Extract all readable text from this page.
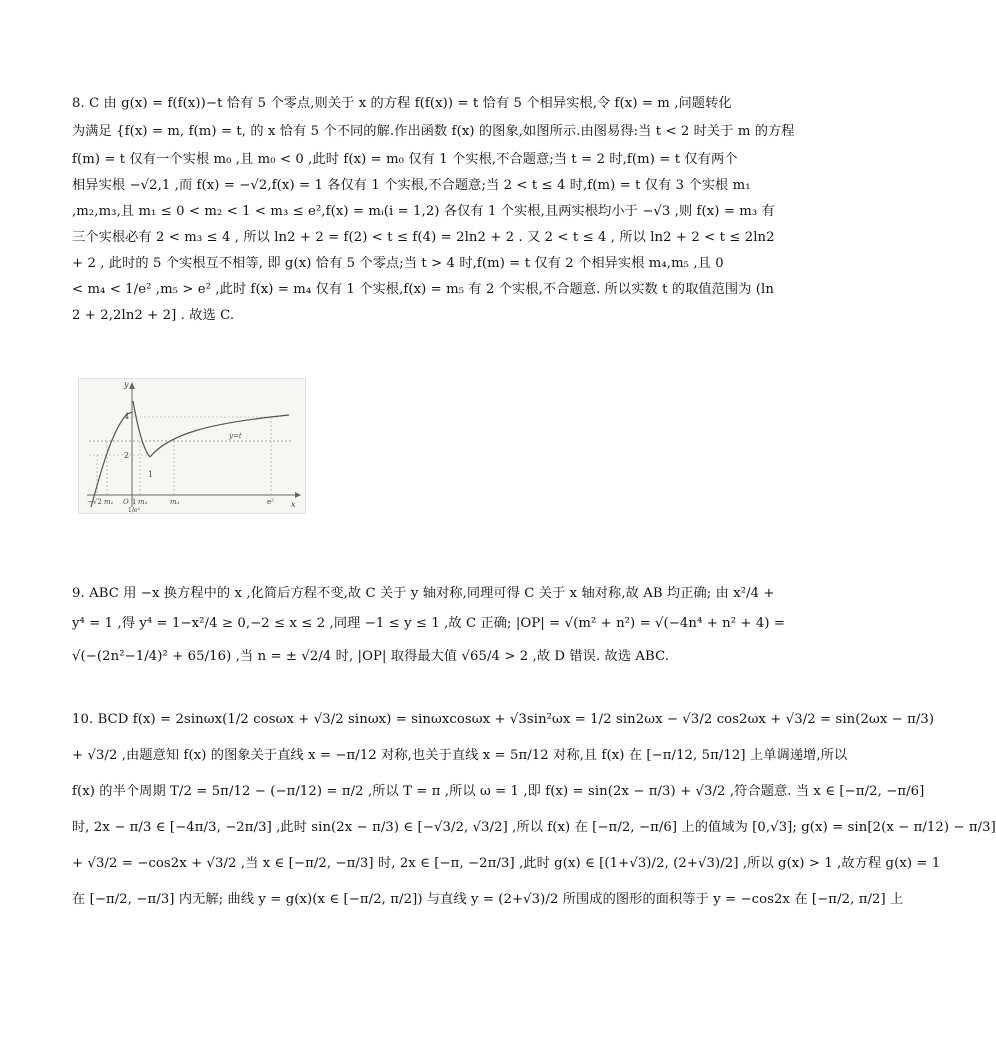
8. C 由 g(x) = f(f(x))−t 恰有 5 个零点,则关于 x 的方程 f(f(x)) = t 恰有 5 个相异实根,令 f(x) = m ,问题转化
为满足 {f(x) = m, f(m) = t, 的 x 恰有 5 个不同的解.作出函数 f(x) 的图象,如图所示.由图易得:当 t < 2 时关于 m 的方程
f(m) = t 仅有一个实根 m₀ ,且 m₀ < 0 ,此时 f(x) = m₀ 仅有 1 个实根,不合题意;当 t = 2 时,f(m) = t 仅有两个
相异实根 −√2,1 ,而 f(x) = −√2,f(x) = 1 各仅有 1 个实根,不合题意;当 2 < t ≤ 4 时,f(m) = t 仅有 3 个实根 m₁
,m₂,m₃,且 m₁ ≤ 0 < m₂ < 1 < m₃ ≤ e²,f(x) = mᵢ(i = 1,2) 各仅有 1 个实根,且两实根均小于 −√3 ,则 f(x) = m₃ 有
三个实根必有 2 < m₃ ≤ 4 , 所以 ln2 + 2 = f(2) < t ≤ f(4) = 2ln2 + 2 . 又 2 < t ≤ 4 , 所以 ln2 + 2 < t ≤ 2ln2
+ 2 , 此时的 5 个实根互不相等, 即 g(x) 恰有 5 个零点;当 t > 4 时,f(m) = t 仅有 2 个相异实根 m₄,m₅ ,且 0
< m₄ < 1/e² ,m₅ > e² ,此时 f(x) = m₄ 仅有 1 个实根,f(x) = m₅ 有 2 个实根,不合题意. 所以实数 t 的取值范围为 (ln
2 + 2,2ln2 + 2] . 故选 C.
y
x
4
2
1
y=t
−√2 m₁ O 1 m₂	m₃	e²
1/e²
9. ABC 用 −x 换方程中的 x ,化简后方程不变,故 C 关于 y 轴对称,同理可得 C 关于 x 轴对称,故 AB 均正确; 由 x²/4 +
y⁴ = 1 ,得 y⁴ = 1−x²/4 ≥ 0,−2 ≤ x ≤ 2 ,同理 −1 ≤ y ≤ 1 ,故 C 正确; |OP| = √(m² + n²) = √(−4n⁴ + n² + 4) =
√(−(2n²−1/4)² + 65/16) ,当 n = ± √2/4 时, |OP| 取得最大值 √65/4 > 2 ,故 D 错误. 故选 ABC.
10. BCD f(x) = 2sinωx(1/2 cosωx + √3/2 sinωx) = sinωxcosωx + √3sin²ωx = 1/2 sin2ωx − √3/2 cos2ωx + √3/2 = sin(2ωx − π/3)
+ √3/2 ,由题意知 f(x) 的图象关于直线 x = −π/12 对称,也关于直线 x = 5π/12 对称,且 f(x) 在 [−π/12, 5π/12] 上单调递增,所以
f(x) 的半个周期 T/2 = 5π/12 − (−π/12) = π/2 ,所以 T = π ,所以 ω = 1 ,即 f(x) = sin(2x − π/3) + √3/2 ,符合题意. 当 x ∈ [−π/2, −π/6]
时, 2x − π/3 ∈ [−4π/3, −2π/3] ,此时 sin(2x − π/3) ∈ [−√3/2, √3/2] ,所以 f(x) 在 [−π/2, −π/6] 上的值域为 [0,√3]; g(x) = sin[2(x − π/12) − π/3]
+ √3/2 = −cos2x + √3/2 ,当 x ∈ [−π/2, −π/3] 时, 2x ∈ [−π, −2π/3] ,此时 g(x) ∈ [(1+√3)/2, (2+√3)/2] ,所以 g(x) > 1 ,故方程 g(x) = 1
在 [−π/2, −π/3] 内无解; 曲线 y = g(x)(x ∈ [−π/2, π/2]) 与直线 y = (2+√3)/2 所围成的图形的面积等于 y = −cos2x 在 [−π/2, π/2] 上
